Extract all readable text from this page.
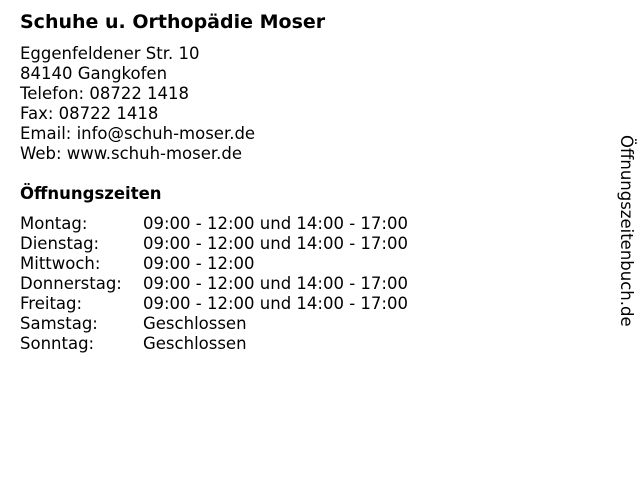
Schuhe u. Orthopädie Moser
Eggenfeldener Str. 10
84140 Gangkofen
Telefon: 08722 1418
Fax: 08722 1418
Email: info@schuh-moser.de
Web: www.schuh-moser.de
Öffnungszeiten
Montag:	09:00 - 12:00 und 14:00 - 17:00
Dienstag:	09:00 - 12:00 und 14:00 - 17:00
Mittwoch:	09:00 - 12:00
Donnerstag:	09:00 - 12:00 und 14:00 - 17:00
Freitag:	09:00 - 12:00 und 14:00 - 17:00
Samstag:	Geschlossen
Sonntag:	Geschlossen
Öffnungszeitenbuch.de
